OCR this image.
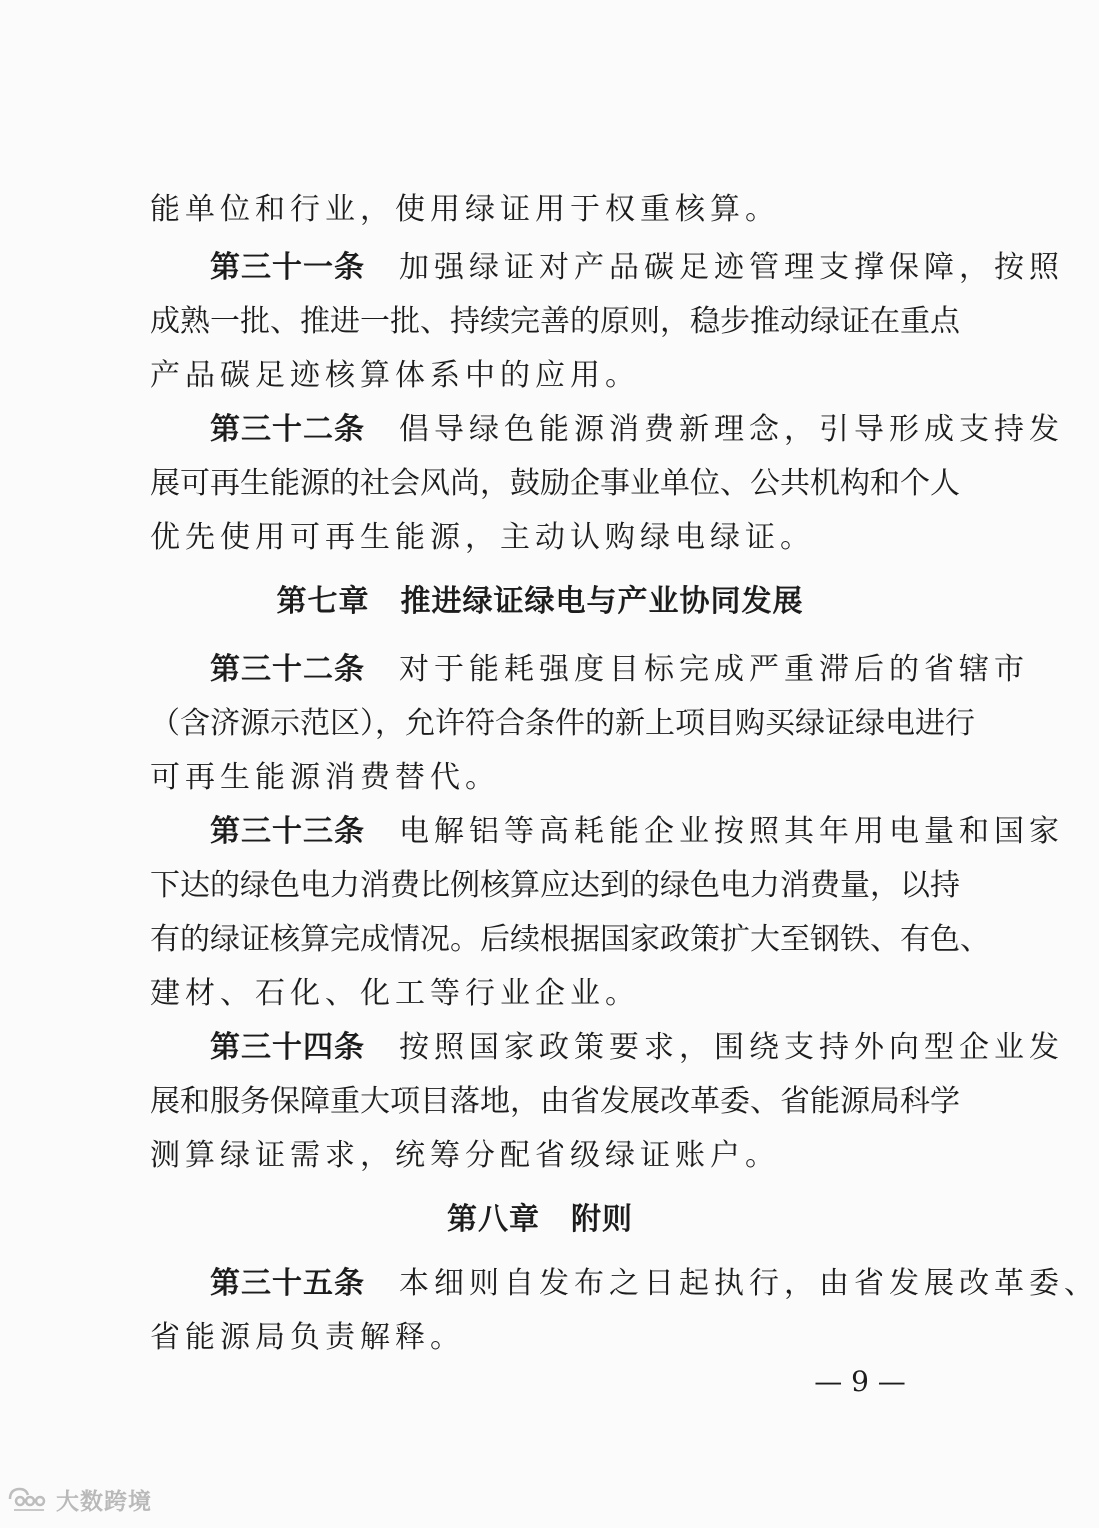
能单位和行业，使用绿证用于权重核算。
第三十一条 加强绿证对产品碳足迹管理支撑保障，按照
成熟一批、推进一批、持续完善的原则，稳步推动绿证在重点
产品碳足迹核算体系中的应用。
第三十二条 倡导绿色能源消费新理念，引导形成支持发
展可再生能源的社会风尚，鼓励企事业单位、公共机构和个人
优先使用可再生能源，主动认购绿电绿证。
第七章　推进绿证绿电与产业协同发展
第三十二条 对于能耗强度目标完成严重滞后的省辖市
（含济源示范区），允许符合条件的新上项目购买绿证绿电进行
可再生能源消费替代。
第三十三条 电解铝等高耗能企业按照其年用电量和国家
下达的绿色电力消费比例核算应达到的绿色电力消费量，以持
有的绿证核算完成情况。后续根据国家政策扩大至钢铁、有色、
建材、石化、化工等行业企业。
第三十四条 按照国家政策要求，围绕支持外向型企业发
展和服务保障重大项目落地，由省发展改革委、省能源局科学
测算绿证需求，统筹分配省级绿证账户。
第八章　附则
第三十五条 本细则自发布之日起执行，由省发展改革委、
省能源局负责解释。
— 9 —
大数跨境
